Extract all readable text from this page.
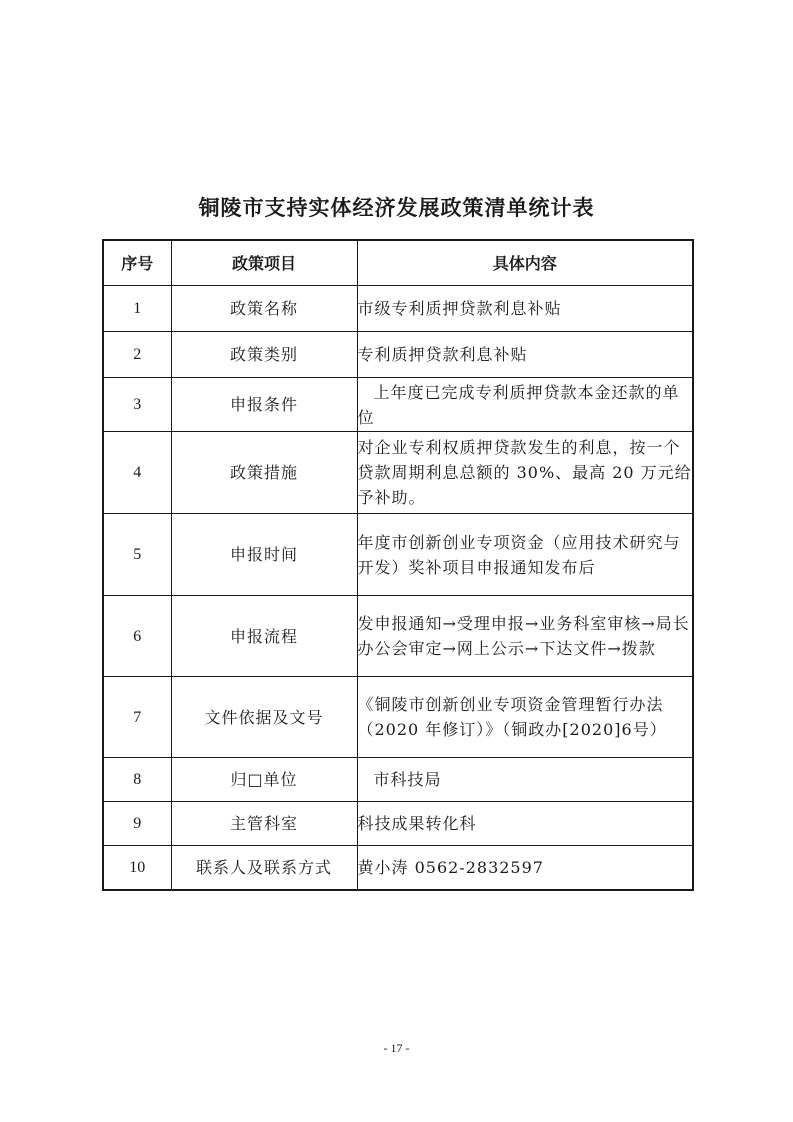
铜陵市支持实体经济发展政策清单统计表
序号	政策项目	具体内容
1	政策名称	市级专利质押贷款利息补贴
2	政策类别	专利质押贷款利息补贴
3	申报条件	上年度已完成专利质押贷款本金还款的单位
4	政策措施	对企业专利权质押贷款发生的利息，按一个贷款周期利息总额的 30%、最高 20 万元给予补助。
5	申报时间	年度市创新创业专项资金（应用技术研究与开发）奖补项目申报通知发布后
6	申报流程	发申报通知→受理申报→业务科室审核→局长办公会审定→网上公示→下达文件→拨款
7	文件依据及文号	《铜陵市创新创业专项资金管理暂行办法（2020 年修订）》（铜政办[2020]6号）
8	归□单位	市科技局
9	主管科室	科技成果转化科
10	联系人及联系方式	黄小涛 0562-2832597
- 17 -
